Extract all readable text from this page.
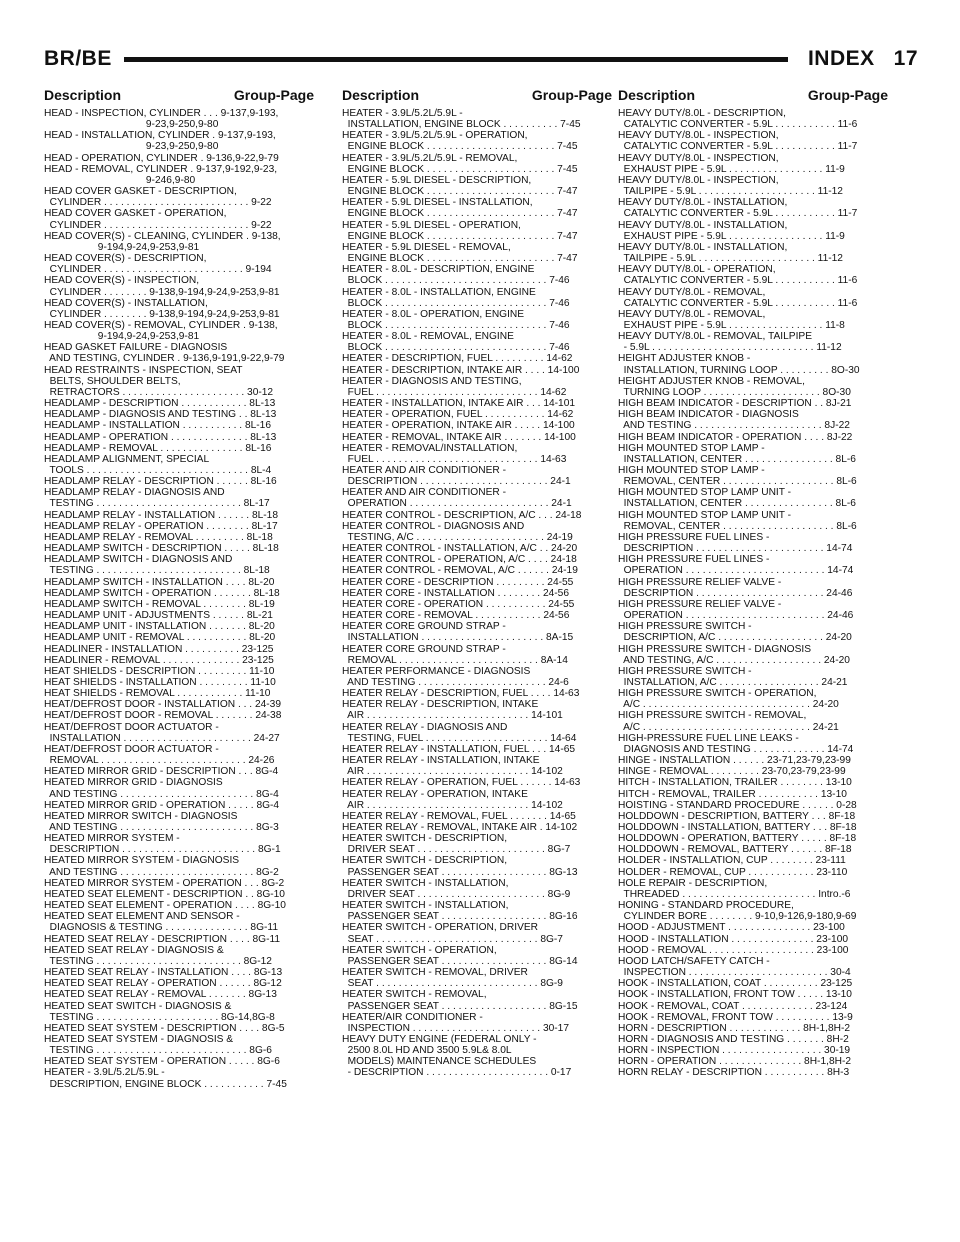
BR/BE	INDEX   17
Description	Group-Page Description	Group-Page Description	Group-Page
HEAD - INSPECTION, CYLINDER . . . 9-137,9-193,
9-23,9-250,9-80
HEAD - INSTALLATION, CYLINDER . 9-137,9-193,
9-23,9-250,9-80
HEAD - OPERATION, CYLINDER . 9-136,9-22,9-79
HEAD - REMOVAL, CYLINDER . 9-137,9-192,9-23,
9-246,9-80
HEAD COVER GASKET - DESCRIPTION,
CYLINDER . . . . . . . . . . . . . . . . . . . . . . . . . . 9-22
HEAD COVER GASKET - OPERATION,
CYLINDER . . . . . . . . . . . . . . . . . . . . . . . . . . 9-22
HEAD COVER(S) - CLEANING, CYLINDER . 9-138,
9-194,9-24,9-253,9-81
HEAD COVER(S) - DESCRIPTION,
CYLINDER . . . . . . . . . . . . . . . . . . . . . . . . . 9-194
HEAD COVER(S) - INSPECTION,
CYLINDER . . . . . . . . 9-138,9-194,9-24,9-253,9-81
HEAD COVER(S) - INSTALLATION,
CYLINDER . . . . . . . . 9-138,9-194,9-24,9-253,9-81
HEAD COVER(S) - REMOVAL, CYLINDER . 9-138,
9-194,9-24,9-253,9-81
HEAD GASKET FAILURE - DIAGNOSIS
AND TESTING, CYLINDER . 9-136,9-191,9-22,9-79
HEAD RESTRAINTS - INSPECTION, SEAT
BELTS, SHOULDER BELTS,
RETRACTORS . . . . . . . . . . . . . . . . . . . . . . 30-12
HEADLAMP - DESCRIPTION . . . . . . . . . . . . 8L-13
HEADLAMP - DIAGNOSIS AND TESTING . . 8L-13
HEADLAMP - INSTALLATION . . . . . . . . . . . 8L-16
HEADLAMP - OPERATION . . . . . . . . . . . . . . 8L-13
HEADLAMP - REMOVAL . . . . . . . . . . . . . . . 8L-16
HEADLAMP ALIGNMENT, SPECIAL
TOOLS . . . . . . . . . . . . . . . . . . . . . . . . . . . . . 8L-4
HEADLAMP RELAY - DESCRIPTION . . . . . . 8L-16
HEADLAMP RELAY - DIAGNOSIS AND
TESTING . . . . . . . . . . . . . . . . . . . . . . . . . . 8L-17
HEADLAMP RELAY - INSTALLATION . . . . . . 8L-18
HEADLAMP RELAY - OPERATION . . . . . . . . 8L-17
HEADLAMP RELAY - REMOVAL . . . . . . . . . 8L-18
HEADLAMP SWITCH - DESCRIPTION . . . . . 8L-18
HEADLAMP SWITCH - DIAGNOSIS AND
TESTING . . . . . . . . . . . . . . . . . . . . . . . . . . 8L-18
HEADLAMP SWITCH - INSTALLATION . . . . 8L-20
HEADLAMP SWITCH - OPERATION . . . . . . . 8L-18
HEADLAMP SWITCH - REMOVAL . . . . . . . . 8L-19
HEADLAMP UNIT - ADJUSTMENTS . . . . . . 8L-21
HEADLAMP UNIT - INSTALLATION . . . . . . . 8L-20
HEADLAMP UNIT - REMOVAL . . . . . . . . . . . 8L-20
HEADLINER - INSTALLATION . . . . . . . . . . 23-125
HEADLINER - REMOVAL . . . . . . . . . . . . . . 23-125
HEAT SHIELDS - DESCRIPTION . . . . . . . . . 11-10
HEAT SHIELDS - INSTALLATION . . . . . . . . . 11-10
HEAT SHIELDS - REMOVAL . . . . . . . . . . . . 11-10
HEAT/DEFROST DOOR - INSTALLATION . . . 24-39
HEAT/DEFROST DOOR - REMOVAL . . . . . . . 24-38
HEAT/DEFROST DOOR ACTUATOR -
INSTALLATION . . . . . . . . . . . . . . . . . . . . . . . 24-27
HEAT/DEFROST DOOR ACTUATOR -
REMOVAL . . . . . . . . . . . . . . . . . . . . . . . . . . 24-26
HEATED MIRROR GRID - DESCRIPTION . . . 8G-4
HEATED MIRROR GRID - DIAGNOSIS
AND TESTING . . . . . . . . . . . . . . . . . . . . . . . . 8G-4
HEATED MIRROR GRID - OPERATION . . . . . 8G-4
HEATED MIRROR SWITCH - DIAGNOSIS
AND TESTING . . . . . . . . . . . . . . . . . . . . . . . . 8G-3
HEATED MIRROR SYSTEM -
DESCRIPTION . . . . . . . . . . . . . . . . . . . . . . . . 8G-1
HEATED MIRROR SYSTEM - DIAGNOSIS
AND TESTING . . . . . . . . . . . . . . . . . . . . . . . . 8G-2
HEATED MIRROR SYSTEM - OPERATION . . . 8G-2
HEATED SEAT ELEMENT - DESCRIPTION . . 8G-10
HEATED SEAT ELEMENT - OPERATION . . . . 8G-10
HEATED SEAT ELEMENT AND SENSOR -
DIAGNOSIS & TESTING . . . . . . . . . . . . . . . 8G-11
HEATED SEAT RELAY - DESCRIPTION . . . . 8G-11
HEATED SEAT RELAY - DIAGNOSIS &
TESTING . . . . . . . . . . . . . . . . . . . . . . . . . . 8G-12
HEATED SEAT RELAY - INSTALLATION . . . . 8G-13
HEATED SEAT RELAY - OPERATION . . . . . . 8G-12
HEATED SEAT RELAY - REMOVAL . . . . . . . 8G-13
HEATED SEAT SWITCH - DIAGNOSIS &
TESTING . . . . . . . . . . . . . . . . . . . . . . 8G-14,8G-8
HEATED SEAT SYSTEM - DESCRIPTION . . . . 8G-5
HEATED SEAT SYSTEM - DIAGNOSIS &
TESTING . . . . . . . . . . . . . . . . . . . . . . . . . . . 8G-6
HEATED SEAT SYSTEM - OPERATION . . . . . 8G-6
HEATER - 3.9L/5.2L/5.9L -
DESCRIPTION, ENGINE BLOCK . . . . . . . . . . . 7-45
HEATER - 3.9L/5.2L/5.9L -
INSTALLATION, ENGINE BLOCK . . . . . . . . . . 7-45
HEATER - 3.9L/5.2L/5.9L - OPERATION,
ENGINE BLOCK . . . . . . . . . . . . . . . . . . . . . . . 7-45
HEATER - 3.9L/5.2L/5.9L - REMOVAL,
ENGINE BLOCK . . . . . . . . . . . . . . . . . . . . . . . 7-45
HEATER - 5.9L DIESEL - DESCRIPTION,
ENGINE BLOCK . . . . . . . . . . . . . . . . . . . . . . . 7-47
HEATER - 5.9L DIESEL - INSTALLATION,
ENGINE BLOCK . . . . . . . . . . . . . . . . . . . . . . . 7-47
HEATER - 5.9L DIESEL - OPERATION,
ENGINE BLOCK . . . . . . . . . . . . . . . . . . . . . . . 7-47
HEATER - 5.9L DIESEL - REMOVAL,
ENGINE BLOCK . . . . . . . . . . . . . . . . . . . . . . . 7-47
HEATER - 8.0L - DESCRIPTION, ENGINE
BLOCK . . . . . . . . . . . . . . . . . . . . . . . . . . . . . 7-46
HEATER - 8.0L - INSTALLATION, ENGINE
BLOCK . . . . . . . . . . . . . . . . . . . . . . . . . . . . . 7-46
HEATER - 8.0L - OPERATION, ENGINE
BLOCK . . . . . . . . . . . . . . . . . . . . . . . . . . . . . 7-46
HEATER - 8.0L - REMOVAL, ENGINE
BLOCK . . . . . . . . . . . . . . . . . . . . . . . . . . . . . 7-46
HEATER - DESCRIPTION, FUEL . . . . . . . . . 14-62
HEATER - DESCRIPTION, INTAKE AIR . . . . 14-100
HEATER - DIAGNOSIS AND TESTING,
FUEL . . . . . . . . . . . . . . . . . . . . . . . . . . . . . 14-62
HEATER - INSTALLATION, INTAKE AIR . . . 14-101
HEATER - OPERATION, FUEL . . . . . . . . . . . 14-62
HEATER - OPERATION, INTAKE AIR . . . . . 14-100
HEATER - REMOVAL, INTAKE AIR . . . . . . . 14-100
HEATER - REMOVAL/INSTALLATION,
FUEL . . . . . . . . . . . . . . . . . . . . . . . . . . . . . 14-63
HEATER AND AIR CONDITIONER -
DESCRIPTION . . . . . . . . . . . . . . . . . . . . . . . 24-1
HEATER AND AIR CONDITIONER -
OPERATION . . . . . . . . . . . . . . . . . . . . . . . . . 24-1
HEATER CONTROL - DESCRIPTION, A/C . . . 24-18
HEATER CONTROL - DIAGNOSIS AND
TESTING, A/C . . . . . . . . . . . . . . . . . . . . . . . 24-19
HEATER CONTROL - INSTALLATION, A/C . . 24-20
HEATER CONTROL - OPERATION, A/C . . . . 24-18
HEATER CONTROL - REMOVAL, A/C . . . . . . 24-19
HEATER CORE - DESCRIPTION . . . . . . . . . 24-55
HEATER CORE - INSTALLATION . . . . . . . . 24-56
HEATER CORE - OPERATION . . . . . . . . . . . 24-55
HEATER CORE - REMOVAL . . . . . . . . . . . . 24-56
HEATER CORE GROUND STRAP -
INSTALLATION . . . . . . . . . . . . . . . . . . . . . . 8A-15
HEATER CORE GROUND STRAP -
REMOVAL . . . . . . . . . . . . . . . . . . . . . . . . . 8A-14
HEATER PERFORMANCE - DIAGNOSIS
AND TESTING . . . . . . . . . . . . . . . . . . . . . . . 24-6
HEATER RELAY - DESCRIPTION, FUEL . . . . 14-63
HEATER RELAY - DESCRIPTION, INTAKE
AIR . . . . . . . . . . . . . . . . . . . . . . . . . . . . . 14-101
HEATER RELAY - DIAGNOSIS AND
TESTING, FUEL . . . . . . . . . . . . . . . . . . . . . . 14-64
HEATER RELAY - INSTALLATION, FUEL . . . 14-65
HEATER RELAY - INSTALLATION, INTAKE
AIR . . . . . . . . . . . . . . . . . . . . . . . . . . . . . 14-102
HEATER RELAY - OPERATION, FUEL . . . . . . 14-63
HEATER RELAY - OPERATION, INTAKE
AIR . . . . . . . . . . . . . . . . . . . . . . . . . . . . . 14-102
HEATER RELAY - REMOVAL, FUEL . . . . . . . 14-65
HEATER RELAY - REMOVAL, INTAKE AIR . 14-102
HEATER SWITCH - DESCRIPTION,
DRIVER SEAT . . . . . . . . . . . . . . . . . . . . . . . 8G-7
HEATER SWITCH - DESCRIPTION,
PASSENGER SEAT . . . . . . . . . . . . . . . . . . . 8G-13
HEATER SWITCH - INSTALLATION,
DRIVER SEAT . . . . . . . . . . . . . . . . . . . . . . . 8G-9
HEATER SWITCH - INSTALLATION,
PASSENGER SEAT . . . . . . . . . . . . . . . . . . . 8G-16
HEATER SWITCH - OPERATION, DRIVER
SEAT . . . . . . . . . . . . . . . . . . . . . . . . . . . . . 8G-7
HEATER SWITCH - OPERATION,
PASSENGER SEAT . . . . . . . . . . . . . . . . . . . 8G-14
HEATER SWITCH - REMOVAL, DRIVER
SEAT . . . . . . . . . . . . . . . . . . . . . . . . . . . . . 8G-9
HEATER SWITCH - REMOVAL,
PASSENGER SEAT . . . . . . . . . . . . . . . . . . . 8G-15
HEATER/AIR CONDITIONER -
INSPECTION . . . . . . . . . . . . . . . . . . . . . . . 30-17
HEAVY DUTY ENGINE (FEDERAL ONLY -
2500 8.0L HD AND 3500 5.9L& 8.0L
MODELS) MAINTENANCE SCHEDULES
- DESCRIPTION . . . . . . . . . . . . . . . . . . . . . . 0-17
HEAVY DUTY/8.0L - DESCRIPTION,
CATALYTIC CONVERTER - 5.9L . . . . . . . . . . . 11-6
HEAVY DUTY/8.0L - INSPECTION,
CATALYTIC CONVERTER - 5.9L . . . . . . . . . . . 11-7
HEAVY DUTY/8.0L - INSPECTION,
EXHAUST PIPE - 5.9L . . . . . . . . . . . . . . . . . 11-9
HEAVY DUTY/8.0L - INSPECTION,
TAILPIPE - 5.9L . . . . . . . . . . . . . . . . . . . . . 11-12
HEAVY DUTY/8.0L - INSTALLATION,
CATALYTIC CONVERTER - 5.9L . . . . . . . . . . . 11-7
HEAVY DUTY/8.0L - INSTALLATION,
EXHAUST PIPE - 5.9L . . . . . . . . . . . . . . . . . 11-9
HEAVY DUTY/8.0L - INSTALLATION,
TAILPIPE - 5.9L . . . . . . . . . . . . . . . . . . . . . 11-12
HEAVY DUTY/8.0L - OPERATION,
CATALYTIC CONVERTER - 5.9L . . . . . . . . . . . 11-6
HEAVY DUTY/8.0L - REMOVAL,
CATALYTIC CONVERTER - 5.9L . . . . . . . . . . . 11-6
HEAVY DUTY/8.0L - REMOVAL,
EXHAUST PIPE - 5.9L . . . . . . . . . . . . . . . . . 11-8
HEAVY DUTY/8.0L - REMOVAL, TAILPIPE
- 5.9L . . . . . . . . . . . . . . . . . . . . . . . . . . . . . 11-12
HEIGHT ADJUSTER KNOB -
INSTALLATION, TURNING LOOP . . . . . . . . . 8O-30
HEIGHT ADJUSTER KNOB - REMOVAL,
TURNING LOOP . . . . . . . . . . . . . . . . . . . . . 8O-30
HIGH BEAM INDICATOR - DESCRIPTION . . 8J-21
HIGH BEAM INDICATOR - DIAGNOSIS
AND TESTING . . . . . . . . . . . . . . . . . . . . . . . 8J-22
HIGH BEAM INDICATOR - OPERATION . . . . 8J-22
HIGH MOUNTED STOP LAMP -
INSTALLATION, CENTER . . . . . . . . . . . . . . . . 8L-6
HIGH MOUNTED STOP LAMP -
REMOVAL, CENTER . . . . . . . . . . . . . . . . . . . . 8L-6
HIGH MOUNTED STOP LAMP UNIT -
INSTALLATION, CENTER . . . . . . . . . . . . . . . . 8L-6
HIGH MOUNTED STOP LAMP UNIT -
REMOVAL, CENTER . . . . . . . . . . . . . . . . . . . . 8L-6
HIGH PRESSURE FUEL LINES -
DESCRIPTION . . . . . . . . . . . . . . . . . . . . . . . 14-74
HIGH PRESSURE FUEL LINES -
OPERATION . . . . . . . . . . . . . . . . . . . . . . . . . 14-74
HIGH PRESSURE RELIEF VALVE -
DESCRIPTION . . . . . . . . . . . . . . . . . . . . . . . 24-46
HIGH PRESSURE RELIEF VALVE -
OPERATION . . . . . . . . . . . . . . . . . . . . . . . . . 24-46
HIGH PRESSURE SWITCH -
DESCRIPTION, A/C . . . . . . . . . . . . . . . . . . . 24-20
HIGH PRESSURE SWITCH - DIAGNOSIS
AND TESTING, A/C . . . . . . . . . . . . . . . . . . . 24-20
HIGH PRESSURE SWITCH -
INSTALLATION, A/C . . . . . . . . . . . . . . . . . . 24-21
HIGH PRESSURE SWITCH - OPERATION,
A/C . . . . . . . . . . . . . . . . . . . . . . . . . . . . . . 24-20
HIGH PRESSURE SWITCH - REMOVAL,
A/C . . . . . . . . . . . . . . . . . . . . . . . . . . . . . . 24-21
HIGH-PRESSURE FUEL LINE LEAKS -
DIAGNOSIS AND TESTING . . . . . . . . . . . . . 14-74
HINGE - INSTALLATION . . . . . . 23-71,23-79,23-99
HINGE - REMOVAL . . . . . . . . . 23-70,23-79,23-99
HITCH - INSTALLATION, TRAILER . . . . . . . . 13-10
HITCH - REMOVAL, TRAILER . . . . . . . . . . . 13-10
HOISTING - STANDARD PROCEDURE . . . . . . 0-28
HOLDDOWN - DESCRIPTION, BATTERY . . . 8F-18
HOLDDOWN - INSTALLATION, BATTERY . . . 8F-18
HOLDDOWN - OPERATION, BATTERY . . . . . 8F-18
HOLDDOWN - REMOVAL, BATTERY . . . . . . 8F-18
HOLDER - INSTALLATION, CUP . . . . . . . . 23-111
HOLDER - REMOVAL, CUP . . . . . . . . . . . . 23-110
HOLE REPAIR - DESCRIPTION,
THREADED . . . . . . . . . . . . . . . . . . . . . . . . Intro.-6
HONING - STANDARD PROCEDURE,
CYLINDER BORE . . . . . . . . 9-10,9-126,9-180,9-69
HOOD - ADJUSTMENT . . . . . . . . . . . . . . . 23-100
HOOD - INSTALLATION . . . . . . . . . . . . . . . 23-100
HOOD - REMOVAL . . . . . . . . . . . . . . . . . . . 23-100
HOOD LATCH/SAFETY CATCH -
INSPECTION . . . . . . . . . . . . . . . . . . . . . . . . . 30-4
HOOK - INSTALLATION, COAT . . . . . . . . . . 23-125
HOOK - INSTALLATION, FRONT TOW . . . . . 13-10
HOOK - REMOVAL, COAT . . . . . . . . . . . . . 23-124
HOOK - REMOVAL, FRONT TOW . . . . . . . . . . 13-9
HORN - DESCRIPTION . . . . . . . . . . . . . 8H-1,8H-2
HORN - DIAGNOSIS AND TESTING . . . . . . . 8H-2
HORN - INSPECTION . . . . . . . . . . . . . . . . . . 30-19
HORN - OPERATION . . . . . . . . . . . . . . . 8H-1,8H-2
HORN RELAY - DESCRIPTION . . . . . . . . . . . 8H-3
